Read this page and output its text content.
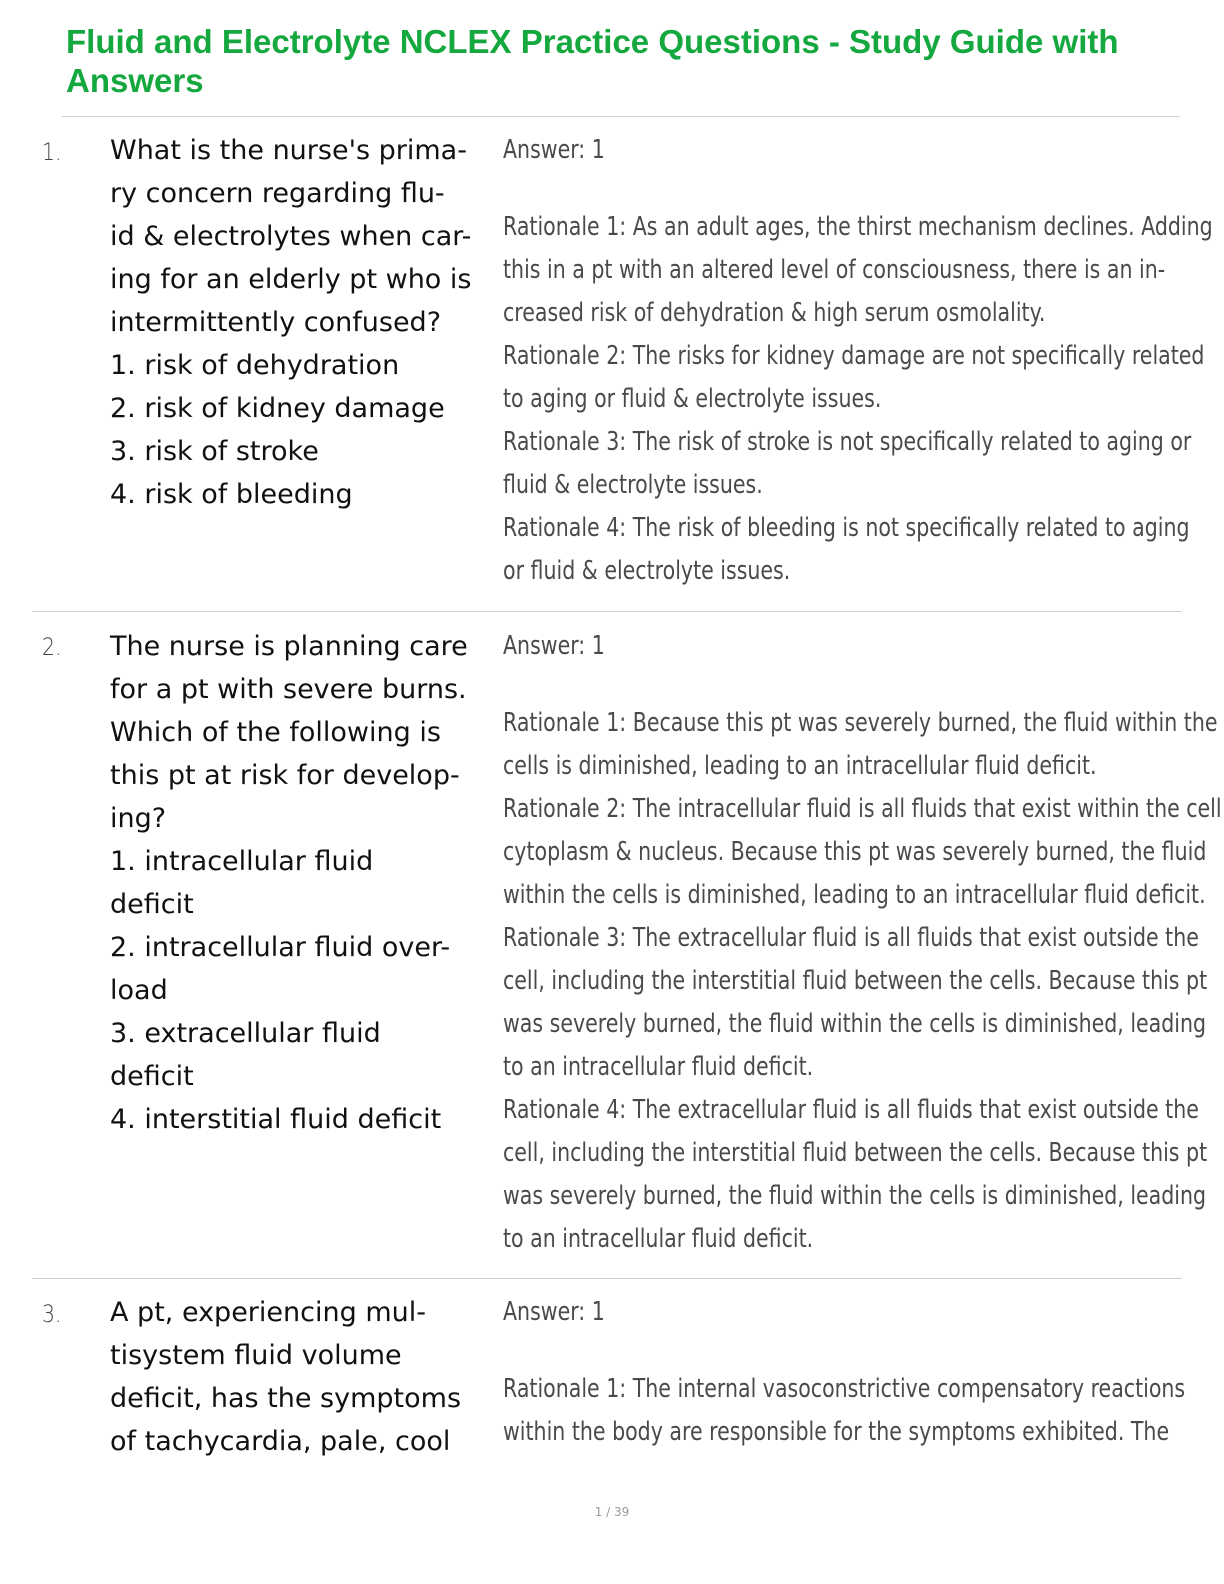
Fluid and Electrolyte NCLEX Practice Questions - Study Guide with Answers
1. What is the nurse's prima-
ry concern regarding flu-
id & electrolytes when car-
ing for an elderly pt who is
intermittently confused?
1. risk of dehydration
2. risk of kidney damage
3. risk of stroke
4. risk of bleeding
Answer: 1
Rationale 1: As an adult ages, the thirst mechanism declines. Adding
this in a pt with an altered level of consciousness, there is an in-
creased risk of dehydration & high serum osmolality.
Rationale 2: The risks for kidney damage are not specifically related
to aging or fluid & electrolyte issues.
Rationale 3: The risk of stroke is not specifically related to aging or
fluid & electrolyte issues.
Rationale 4: The risk of bleeding is not specifically related to aging
or fluid & electrolyte issues.
2. The nurse is planning care
for a pt with severe burns.
Which of the following is
this pt at risk for develop-
ing?
1. intracellular fluid
deficit
2. intracellular fluid over-
load
3. extracellular fluid
deficit
4. interstitial fluid deficit
Answer: 1
Rationale 1: Because this pt was severely burned, the fluid within the
cells is diminished, leading to an intracellular fluid deficit.
Rationale 2: The intracellular fluid is all fluids that exist within the cell
cytoplasm & nucleus. Because this pt was severely burned, the fluid
within the cells is diminished, leading to an intracellular fluid deficit.
Rationale 3: The extracellular fluid is all fluids that exist outside the
cell, including the interstitial fluid between the cells. Because this pt
was severely burned, the fluid within the cells is diminished, leading
to an intracellular fluid deficit.
Rationale 4: The extracellular fluid is all fluids that exist outside the
cell, including the interstitial fluid between the cells. Because this pt
was severely burned, the fluid within the cells is diminished, leading
to an intracellular fluid deficit.
3. A pt, experiencing mul-
tisystem fluid volume
deficit, has the symptoms
of tachycardia, pale, cool
Answer: 1
Rationale 1: The internal vasoconstrictive compensatory reactions
within the body are responsible for the symptoms exhibited. The
1 / 39
